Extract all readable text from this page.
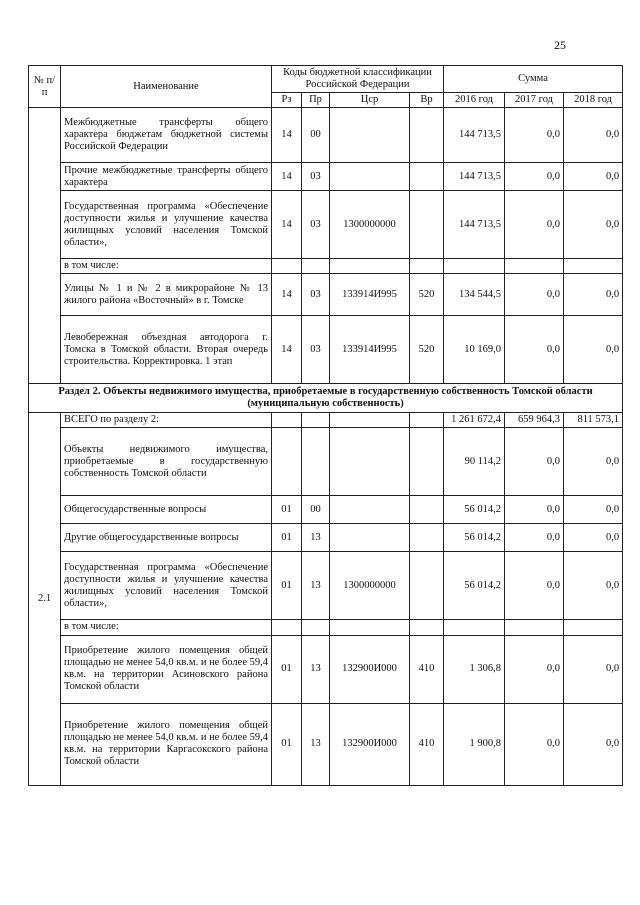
25
№ п/п	Наименование	Коды бюджетной классификации Российской Федерации				Сумма		
		Рз	Пр	Цср	Вр	2016 год	2017 год	2018 год
	Межбюджетные трансферты общего характера бюджетам бюджетной системы Российской Федерации	14	00			144 713,5	0,0	0,0
	Прочие межбюджетные трансферты общего характера	14	03			144 713,5	0,0	0,0
	Государственная программа «Обеспечение доступности жилья и улучшение качества жилищных условий населения Томской области»,	14	03	1300000000		144 713,5	0,0	0,0
	в том числе:							
	Улицы № 1 и № 2 в микрорайоне № 13 жилого района «Восточный» в г. Томске	14	03	133914И995	520	134 544,5	0,0	0,0
	Левобережная объездная автодорога г. Томска в Томской области. Вторая очередь строительства. Корректировка. 1 этап	14	03	133914И995	520	10 169,0	0,0	0,0
Раздел 2. Объекты недвижимого имущества, приобретаемые в государственную собственность Томской области (муниципальную собственность)								
2.1	ВСЕГО по разделу 2:					1 261 672,4	659 964,3	811 573,1
	Объекты недвижимого имущества, приобретаемые в государственную собственность Томской области					90 114,2	0,0	0,0
	Общегосударственные вопросы	01	00			56 014,2	0,0	0,0
	Другие общегосударственные вопросы	01	13			56 014,2	0,0	0,0
	Государственная программа «Обеспечение доступности жилья и улучшение качества жилищных условий населения Томской области»,	01	13	1300000000		56 014,2	0,0	0,0
	в том числе:							
	Приобретение жилого помещения общей площадью не менее 54,0 кв.м. и не более 59,4 кв.м. на территории Асиновского района Томской области	01	13	132900И000	410	1 306,8	0,0	0,0
	Приобретение жилого помещения общей площадью не менее 54,0 кв.м. и не более 59,4 кв.м. на территории Каргасокского района Томской области	01	13	132900И000	410	1 900,8	0,0	0,0
